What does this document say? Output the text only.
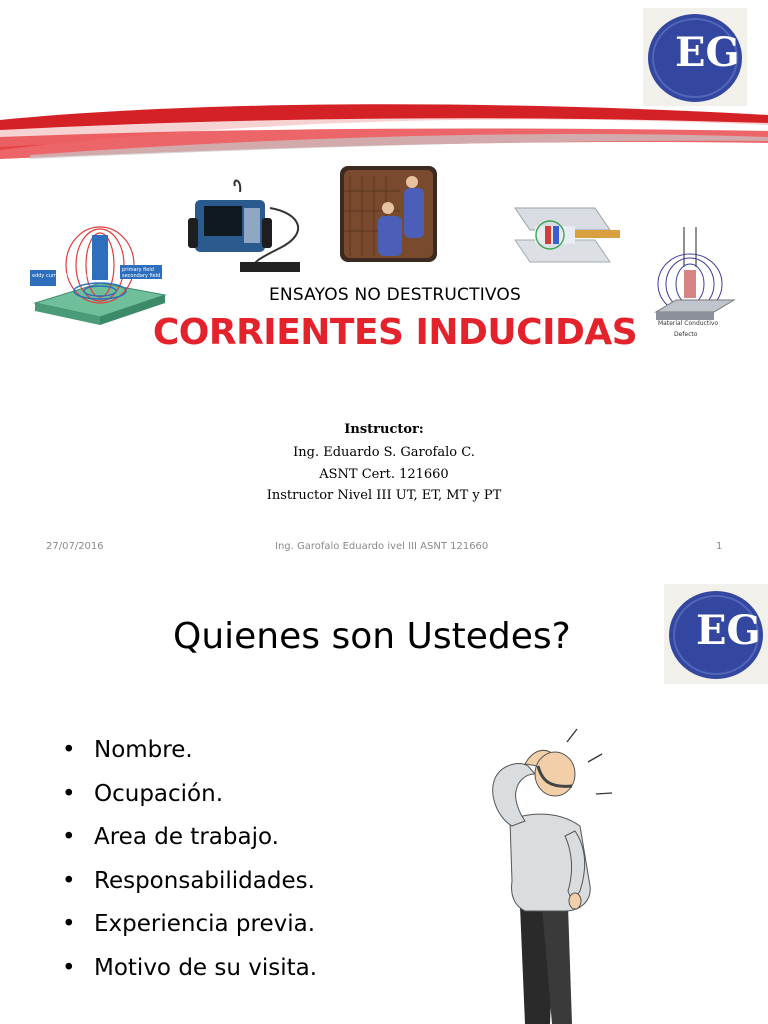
EG
eddy current field lines
primary field
secondary field
Material Conductivo
Defecto
ENSAYOS NO DESTRUCTIVOS
CORRIENTES INDUCIDAS
Instructor:
Ing. Eduardo S. Garofalo C.
ASNT Cert. 121660
Instructor Nivel III UT, ET, MT y PT
27/07/2016	Ing. Garofalo Eduardo ivel III ASNT 121660	1
EG
Quienes son Ustedes?
• Nombre.
• Ocupación.
• Area de trabajo.
• Responsabilidades.
• Experiencia previa.
• Motivo de su visita.
